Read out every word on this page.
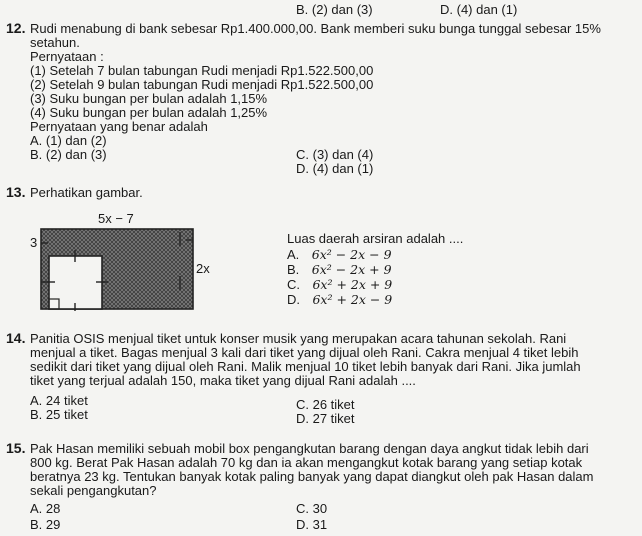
B. (2) dan (3)	D. (4) dan (1)
12. Rudi menabung di bank sebesar Rp1.400.000,00. Bank memberi suku bunga tunggal sebesar 15%
setahun.
Pernyataan :
(1) Setelah 7 bulan tabungan Rudi menjadi Rp1.522.500,00
(2) Setelah 9 bulan tabungan Rudi menjadi Rp1.522.500,00
(3) Suku bungan per bulan adalah 1,15%
(4) Suku bungan per bulan adalah 1,25%
Pernyataan yang benar adalah
A. (1) dan (2)
B. (2) dan (3)	C. (3) dan (4)
D. (4) dan (1)
13. Perhatikan gambar.
5x − 7
3
2x
Luas daerah arsiran adalah ....
A. 6x² − 2x − 9
B. 6x² − 2x + 9
C. 6x² + 2x + 9
D. 6x² + 2x − 9
14. Panitia OSIS menjual tiket untuk konser musik yang merupakan acara tahunan sekolah. Rani
menjual a tiket. Bagas menjual 3 kali dari tiket yang dijual oleh Rani. Cakra menjual 4 tiket lebih
sedikit dari tiket yang dijual oleh Rani. Malik menjual 10 tiket lebih banyak dari Rani. Jika jumlah
tiket yang terjual adalah 150, maka tiket yang dijual Rani adalah ....
A. 24 tiket
B. 25 tiket
C. 26 tiket
D. 27 tiket
15. Pak Hasan memiliki sebuah mobil box pengangkutan barang dengan daya angkut tidak lebih dari
800 kg. Berat Pak Hasan adalah 70 kg dan ia akan mengangkut kotak barang yang setiap kotak
beratnya 23 kg. Tentukan banyak kotak paling banyak yang dapat diangkut oleh pak Hasan dalam
sekali pengangkutan?
A. 28
B. 29
C. 30
D. 31
